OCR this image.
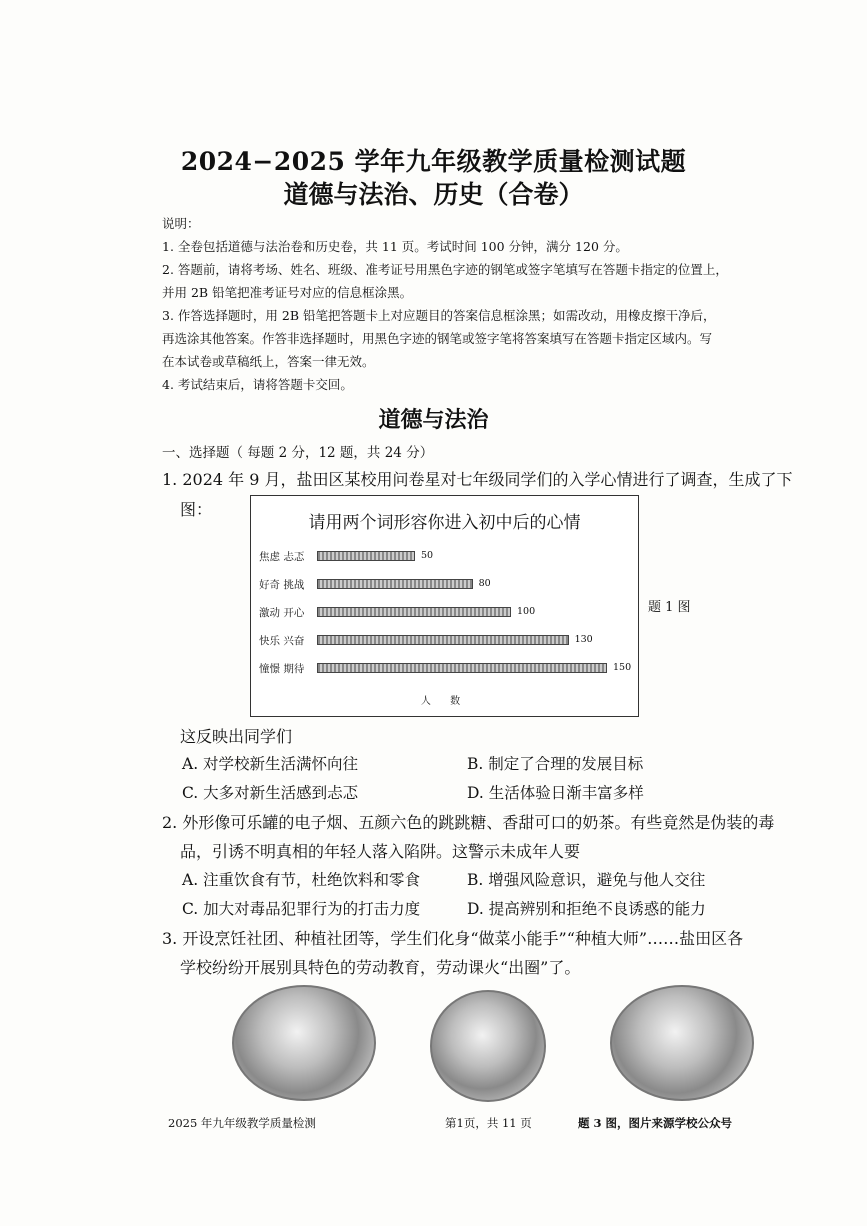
2024−2025 学年九年级教学质量检测试题
道德与法治、历史（合卷）
说明：
1. 全卷包括道德与法治卷和历史卷，共 11 页。考试时间 100 分钟，满分 120 分。
2. 答题前，请将考场、姓名、班级、准考证号用黑色字迹的钢笔或签字笔填写在答题卡指定的位置上，
并用 2B 铅笔把准考证号对应的信息框涂黑。
3. 作答选择题时，用 2B 铅笔把答题卡上对应题目的答案信息框涂黑；如需改动，用橡皮擦干净后，
再选涂其他答案。作答非选择题时，用黑色字迹的钢笔或签字笔将答案填写在答题卡指定区域内。写
在本试卷或草稿纸上，答案一律无效。
4. 考试结束后，请将答题卡交回。
道德与法治
一、选择题（ 每题 2 分，12 题，共 24 分）
1. 2024 年 9 月，盐田区某校用问卷星对七年级同学们的入学心情进行了调查，生成了下
图：
请用两个词形容你进入初中后的心情
焦虑 忐忑	50
好奇 挑战	80
激动 开心	100
快乐 兴奋	130
憧憬 期待	150
人 数
题 1 图
这反映出同学们
A. 对学校新生活满怀向往	B. 制定了合理的发展目标
C. 大多对新生活感到忐忑	D. 生活体验日渐丰富多样
2. 外形像可乐罐的电子烟、五颜六色的跳跳糖、香甜可口的奶茶。有些竟然是伪装的毒
品，引诱不明真相的年轻人落入陷阱。这警示未成年人要
A. 注重饮食有节，杜绝饮料和零食	B. 增强风险意识，避免与他人交往
C. 加大对毒品犯罪行为的打击力度	D. 提高辨别和拒绝不良诱惑的能力
3. 开设烹饪社团、种植社团等，学生们化身“做菜小能手”“种植大师”……盐田区各
学校纷纷开展别具特色的劳动教育，劳动课火“出圈”了。
2025 年九年级教学质量检测	第1页，共 11 页	题 3 图，图片来源学校公众号
